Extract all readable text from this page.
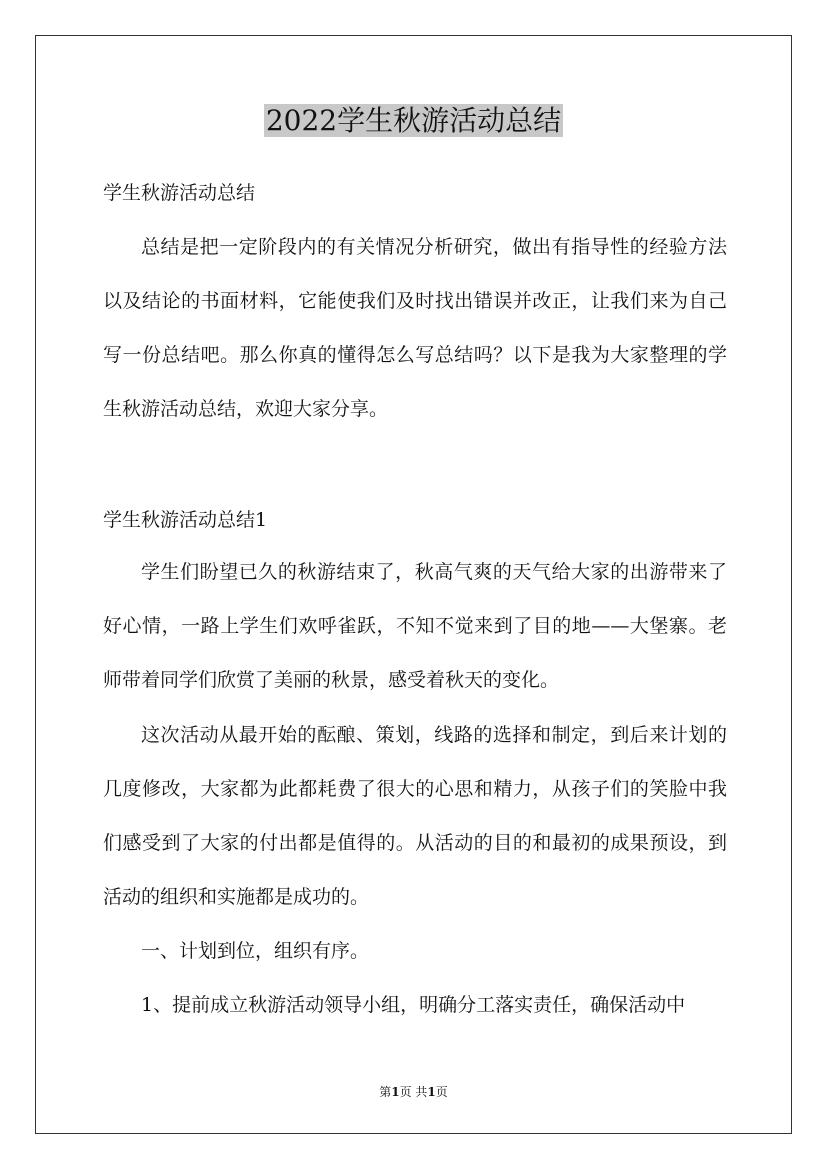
2022学生秋游活动总结
学生秋游活动总结
总结是把一定阶段内的有关情况分析研究，做出有指导性的经验方法以及结论的书面材料，它能使我们及时找出错误并改正，让我们来为自己写一份总结吧。那么你真的懂得怎么写总结吗？以下是我为大家整理的学生秋游活动总结，欢迎大家分享。
学生秋游活动总结1
学生们盼望已久的秋游结束了，秋高气爽的天气给大家的出游带来了好心情，一路上学生们欢呼雀跃，不知不觉来到了目的地——大堡寨。老师带着同学们欣赏了美丽的秋景，感受着秋天的变化。
这次活动从最开始的酝酿、策划，线路的选择和制定，到后来计划的几度修改，大家都为此都耗费了很大的心思和精力，从孩子们的笑脸中我们感受到了大家的付出都是值得的。从活动的目的和最初的成果预设，到活动的组织和实施都是成功的。
一、计划到位，组织有序。
1、提前成立秋游活动领导小组，明确分工落实责任，确保活动中
第1页 共1页
